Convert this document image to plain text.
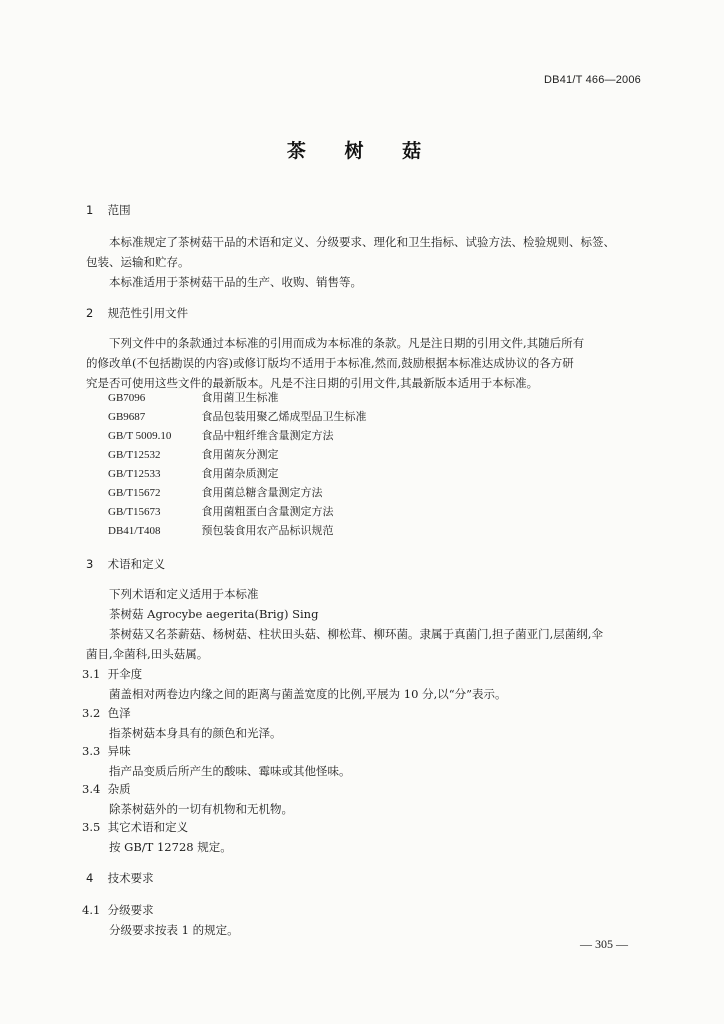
DB41/T 466—2006
茶 树 菇
1 范围
本标准规定了茶树菇干品的术语和定义、分级要求、理化和卫生指标、试验方法、检验规则、标签、
包装、运输和贮存。
本标准适用于茶树菇干品的生产、收购、销售等。
2 规范性引用文件
下列文件中的条款通过本标准的引用而成为本标准的条款。凡是注日期的引用文件,其随后所有
的修改单(不包括勘误的内容)或修订版均不适用于本标准,然而,鼓励根据本标准达成协议的各方研
究是否可使用这些文件的最新版本。凡是不注日期的引用文件,其最新版本适用于本标准。
GB7096	食用菌卫生标准
GB9687	食品包装用聚乙烯成型品卫生标准
GB/T 5009.10	食品中粗纤维含量测定方法
GB/T12532	食用菌灰分测定
GB/T12533	食用菌杂质测定
GB/T15672	食用菌总糖含量测定方法
GB/T15673	食用菌粗蛋白含量测定方法
DB41/T408	预包装食用农产品标识规范
3 术语和定义
下列术语和定义适用于本标准
茶树菇 Agrocybe aegerita(Brig) Sing
茶树菇又名茶薪菇、杨树菇、柱状田头菇、柳松茸、柳环菌。隶属于真菌门,担子菌亚门,层菌纲,伞
菌目,伞菌科,田头菇属。
3.1 开伞度
菌盖相对两卷边内缘之间的距离与菌盖宽度的比例,平展为 10 分,以“分”表示。
3.2 色泽
指茶树菇本身具有的颜色和光泽。
3.3 异味
指产品变质后所产生的酸味、霉味或其他怪味。
3.4 杂质
除茶树菇外的一切有机物和无机物。
3.5 其它术语和定义
按 GB/T 12728 规定。
4 技术要求
4.1 分级要求
分级要求按表 1 的规定。
— 305 —
